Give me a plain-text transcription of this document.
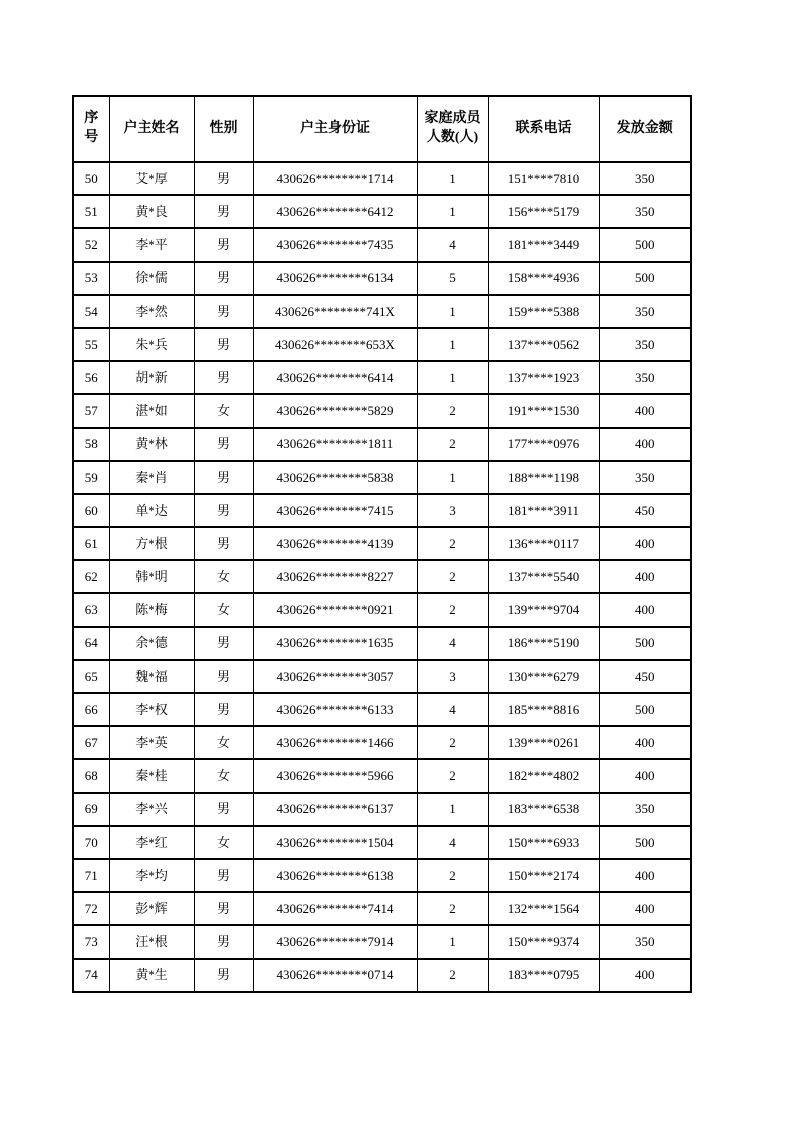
序号	户主姓名	性别	户主身份证	家庭成员人数(人)	联系电话	发放金额
50	艾*厚	男	430626********1714	1	151****7810	350
51	黄*良	男	430626********6412	1	156****5179	350
52	李*平	男	430626********7435	4	181****3449	500
53	徐*儒	男	430626********6134	5	158****4936	500
54	李*然	男	430626********741X	1	159****5388	350
55	朱*兵	男	430626********653X	1	137****0562	350
56	胡*新	男	430626********6414	1	137****1923	350
57	湛*如	女	430626********5829	2	191****1530	400
58	黄*林	男	430626********1811	2	177****0976	400
59	秦*肖	男	430626********5838	1	188****1198	350
60	单*达	男	430626********7415	3	181****3911	450
61	方*根	男	430626********4139	2	136****0117	400
62	韩*明	女	430626********8227	2	137****5540	400
63	陈*梅	女	430626********0921	2	139****9704	400
64	余*德	男	430626********1635	4	186****5190	500
65	魏*福	男	430626********3057	3	130****6279	450
66	李*权	男	430626********6133	4	185****8816	500
67	李*英	女	430626********1466	2	139****0261	400
68	秦*桂	女	430626********5966	2	182****4802	400
69	李*兴	男	430626********6137	1	183****6538	350
70	李*红	女	430626********1504	4	150****6933	500
71	李*均	男	430626********6138	2	150****2174	400
72	彭*辉	男	430626********7414	2	132****1564	400
73	汪*根	男	430626********7914	1	150****9374	350
74	黄*生	男	430626********0714	2	183****0795	400
